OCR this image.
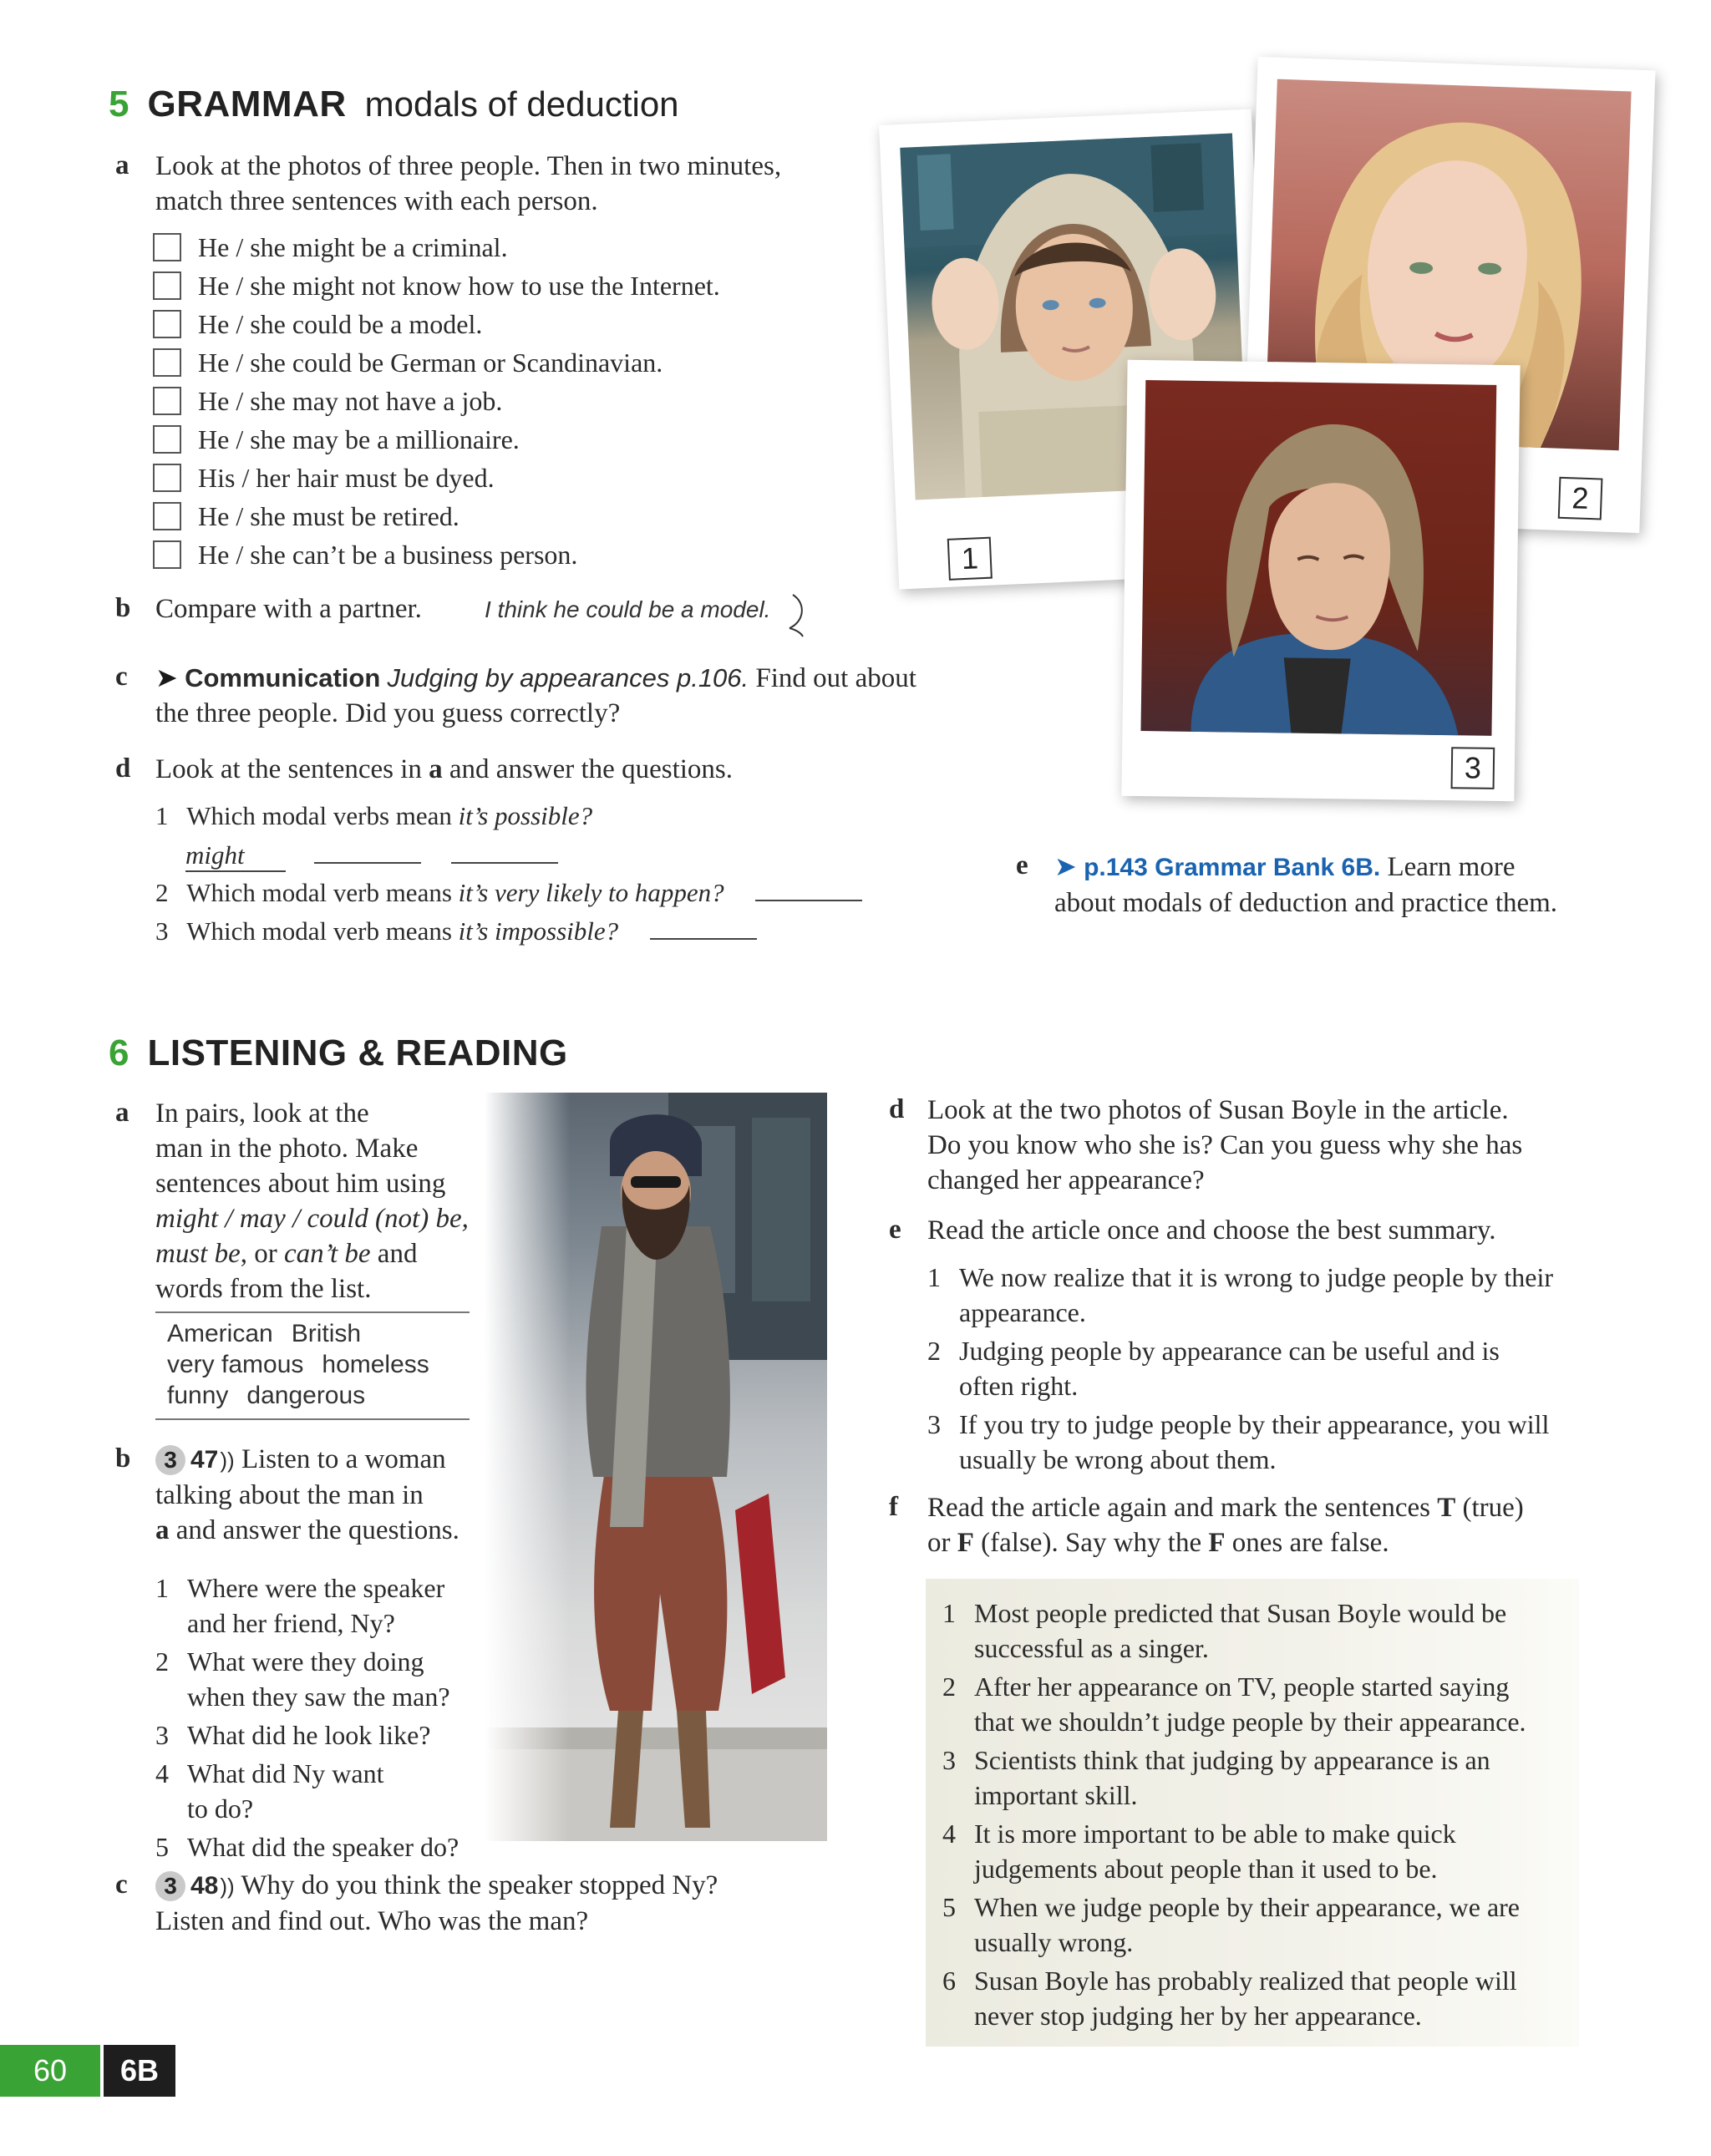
5 GRAMMAR modals of deduction
a Look at the photos of three people. Then in two minutes,
match three sentences with each person.
He / she might be a criminal.
He / she might not know how to use the Internet.
He / she could be a model.
He / she could be German or Scandinavian.
He / she may not have a job.
He / she may be a millionaire.
His / her hair must be dyed.
He / she must be retired.
He / she can’t be a business person.
b Compare with a partner.	I think he could be a model.
c	➤ Communication Judging by appearances p.106. Find out about
the three people. Did you guess correctly?
d Look at the sentences in a and answer the questions.
1 Which modal verbs mean it’s possible?
might
2 Which modal verb means it’s very likely to happen?
3 Which modal verb means it’s impossible?
e ➤ p.143 Grammar Bank 6B. Learn more
about modals of deduction and practice them.
1
2
3
6 LISTENING & READING
a In pairs, look at the
man in the photo. Make
sentences about him using
might / may / could (not) be,
must be, or can’t be and
words from the list.
American British
very famous homeless
funny dangerous
b	3 47 )) Listen to a woman
talking about the man in
a and answer the questions.
1 Where were the speaker
and her friend, Ny?
2 What were they doing
when they saw the man?
3 What did he look like?
4 What did Ny want
to do?
5 What did the speaker do?
c	3 48 )) Why do you think the speaker stopped Ny?
Listen and find out. Who was the man?
d Look at the two photos of Susan Boyle in the article.
Do you know who she is? Can you guess why she has
changed her appearance?
e Read the article once and choose the best summary.
1 We now realize that it is wrong to judge people by their
appearance.
2 Judging people by appearance can be useful and is
often right.
3 If you try to judge people by their appearance, you will
usually be wrong about them.
f	Read the article again and mark the sentences T (true)
or F (false). Say why the F ones are false.
1 Most people predicted that Susan Boyle would be
successful as a singer.
2 After her appearance on TV, people started saying
that we shouldn’t judge people by their appearance.
3 Scientists think that judging by appearance is an
important skill.
4 It is more important to be able to make quick
judgements about people than it used to be.
5 When we judge people by their appearance, we are
usually wrong.
6 Susan Boyle has probably realized that people will
never stop judging her by her appearance.
60	6B
